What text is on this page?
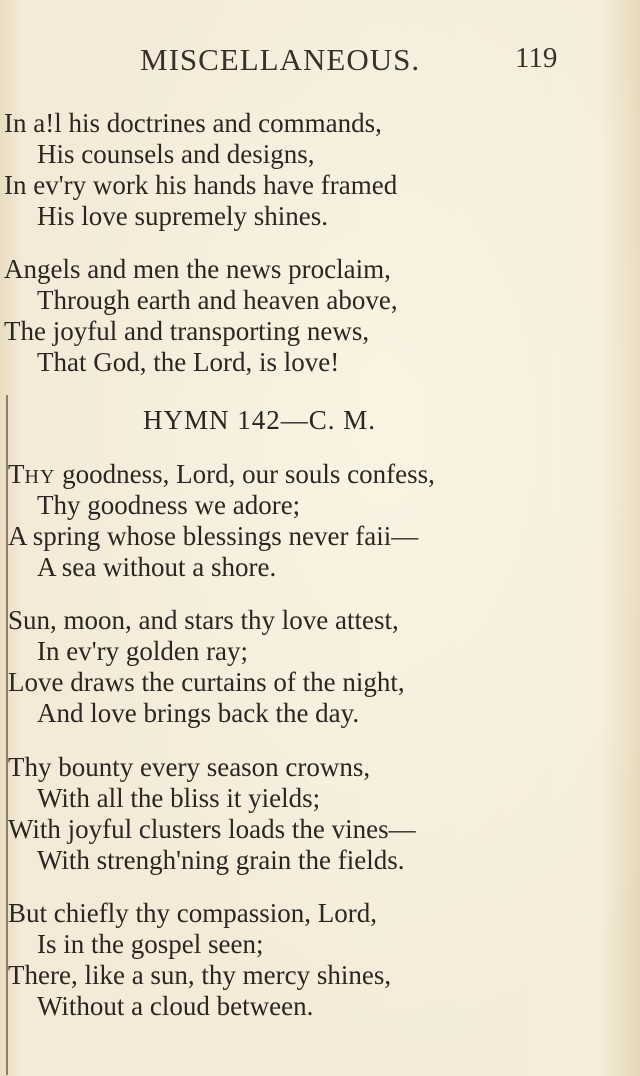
MISCELLANEOUS.	119
In a!l his doctrines and commands,
His counsels and designs,
In ev'ry work his hands have framed
His love supremely shines.
Angels and men the news proclaim,
Through earth and heaven above,
The joyful and transporting news,
That God, the Lord, is love!
HYMN 142—C. M.
THY goodness, Lord, our souls confess,
Thy goodness we adore;
A spring whose blessings never faii—
A sea without a shore.
Sun, moon, and stars thy love attest,
In ev'ry golden ray;
Love draws the curtains of the night,
And love brings back the day.
Thy bounty every season crowns,
With all the bliss it yields;
With joyful clusters loads the vines—
With strengh'ning grain the fields.
But chiefly thy compassion, Lord,
Is in the gospel seen;
There, like a sun, thy mercy shines,
Without a cloud between.
